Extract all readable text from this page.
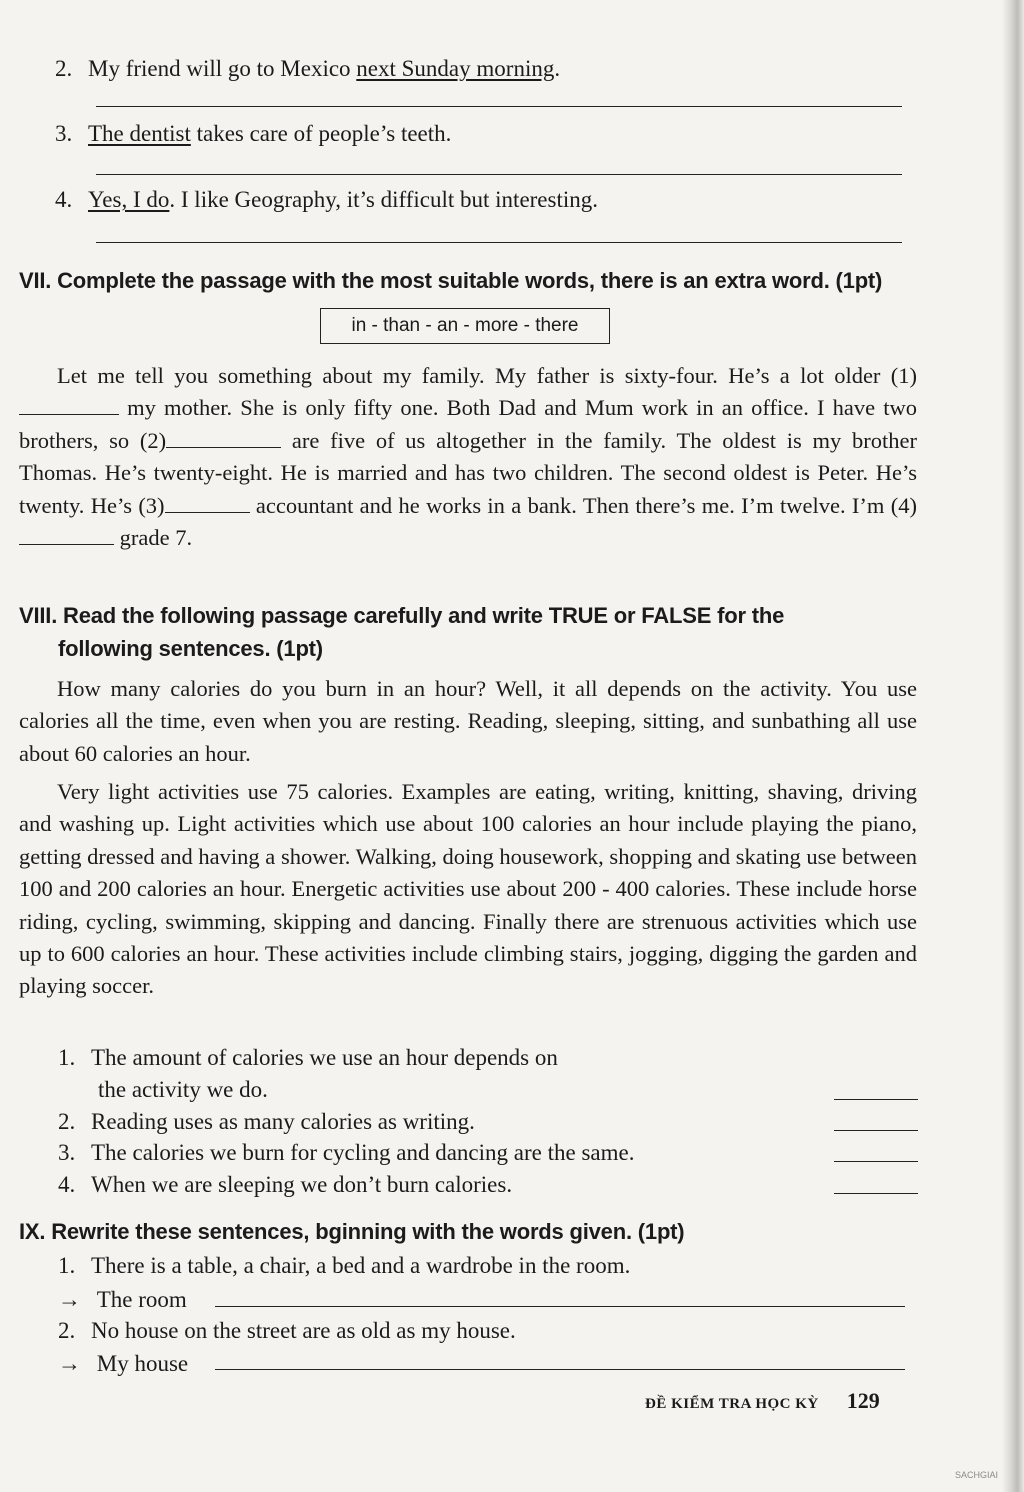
2. My friend will go to Mexico next Sunday morning.
3. The dentist takes care of people’s teeth.
4. Yes, I do. I like Geography, it’s difficult but interesting.
VII. Complete the passage with the most suitable words, there is an extra word. (1pt)
in - than - an - more - there
Let me tell you something about my family. My father is sixty-four. He’s a lot older (1) my mother. She is only fifty one. Both Dad and Mum work in an office. I have two brothers, so (2)	are five of us altogether in the family. The oldest is my brother Thomas. He’s twenty-eight. He is married and has two children. The second oldest is Peter. He’s twenty. He’s (3)	accountant and he works in a bank. Then there’s me. I’m twelve. I’m (4) grade 7.
VIII. Read the following passage carefully and write TRUE or FALSE for the
following sentences. (1pt)
How many calories do you burn in an hour? Well, it all depends on the activity. You use calories all the time, even when you are resting. Reading, sleeping, sitting, and sunbathing all use about 60 calories an hour.
Very light activities use 75 calories. Examples are eating, writing, knitting, shaving, driving and washing up. Light activities which use about 100 calories an hour include playing the piano, getting dressed and having a shower. Walking, doing housework, shopping and skating use between 100 and 200 calories an hour. Energetic activities use about 200 - 400 calories. These include horse riding, cycling, swimming, skipping and dancing. Finally there are strenuous activities which use up to 600 calories an hour. These activities include climbing stairs, jogging, digging the garden and playing soccer.
1. The amount of calories we use an hour depends on
the activity we do.
2. Reading uses as many calories as writing.
3. The calories we burn for cycling and dancing are the same.
4. When we are sleeping we don’t burn calories.
IX. Rewrite these sentences, bginning with the words given. (1pt)
1. There is a table, a chair, a bed and a wardrobe in the room.
→ The room
2. No house on the street are as old as my house.
→ My house
ĐỀ KIỂM TRA HỌC KỲ 129
SACHGIAI
